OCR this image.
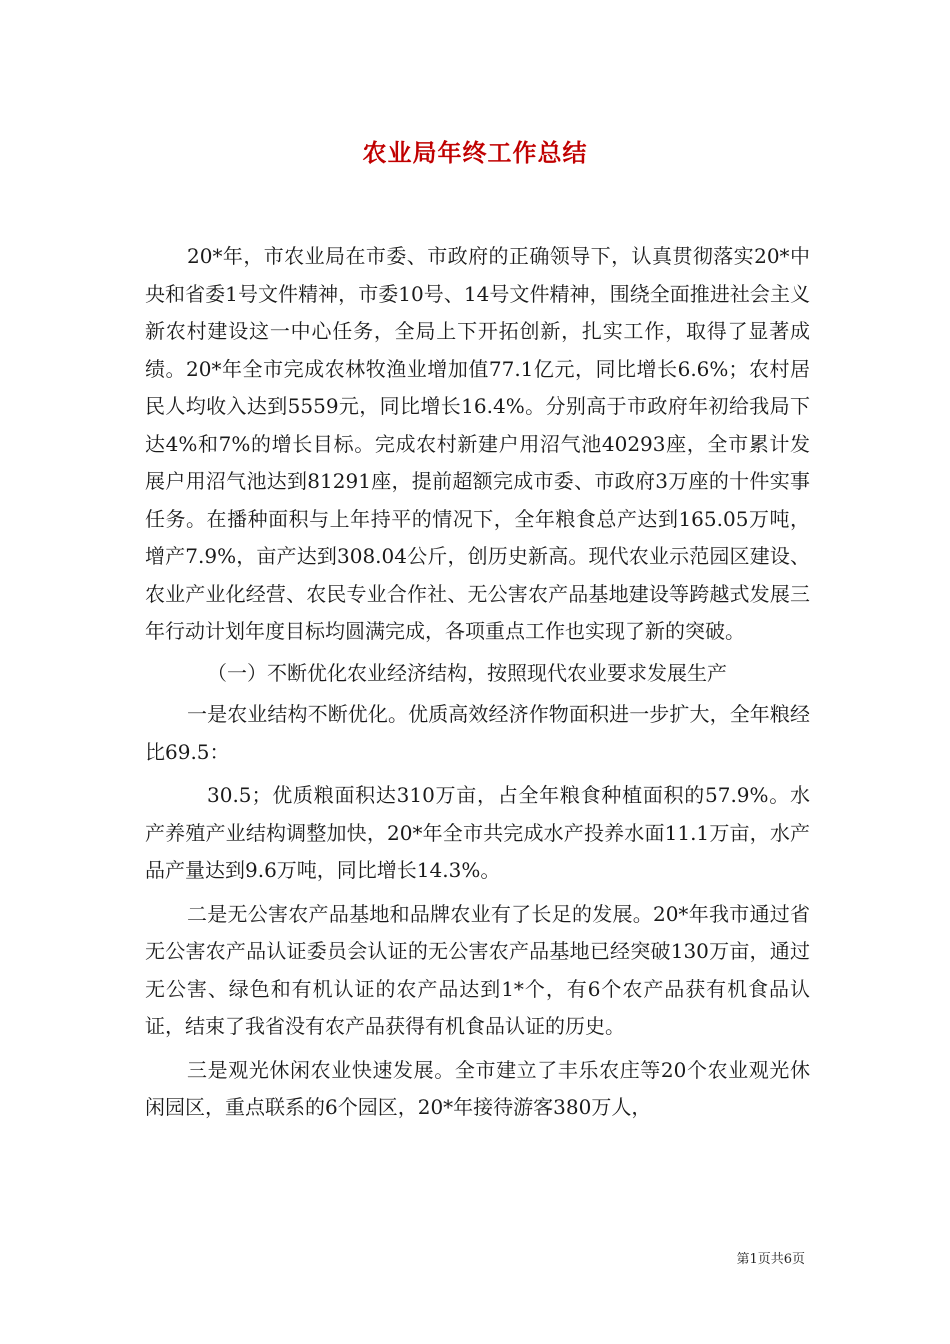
农业局年终工作总结

20*年，市农业局在市委、市政府的正确领导下，认真贯彻落实20*中央和省委1号文件精神，市委10号、14号文件精神，围绕全面推进社会主义新农村建设这一中心任务，全局上下开拓创新，扎实工作，取得了显著成绩。20*年全市完成农林牧渔业增加值77.1亿元，同比增长6.6%；农村居民人均收入达到5559元，同比增长16.4%。分别高于市政府年初给我局下达4%和7%的增长目标。完成农村新建户用沼气池40293座，全市累计发展户用沼气池达到81291座，提前超额完成市委、市政府3万座的十件实事任务。在播种面积与上年持平的情况下，全年粮食总产达到165.05万吨，增产7.9%，亩产达到308.04公斤，创历史新高。现代农业示范园区建设、农业产业化经营、农民专业合作社、无公害农产品基地建设等跨越式发展三年行动计划年度目标均圆满完成，各项重点工作也实现了新的突破。

（一）不断优化农业经济结构，按照现代农业要求发展生产

一是农业结构不断优化。优质高效经济作物面积进一步扩大，全年粮经比69.5：

30.5；优质粮面积达310万亩，占全年粮食种植面积的57.9%。水产养殖产业结构调整加快，20*年全市共完成水产投养水面11.1万亩，水产品产量达到9.6万吨，同比增长14.3%。

二是无公害农产品基地和品牌农业有了长足的发展。20*年我市通过省无公害农产品认证委员会认证的无公害农产品基地已经突破130万亩，通过无公害、绿色和有机认证的农产品达到1*个，有6个农产品获有机食品认证，结束了我省没有农产品获得有机食品认证的历史。

三是观光休闲农业快速发展。全市建立了丰乐农庄等20个农业观光休闲园区，重点联系的6个园区，20*年接待游客380万人，

第1页共6页
